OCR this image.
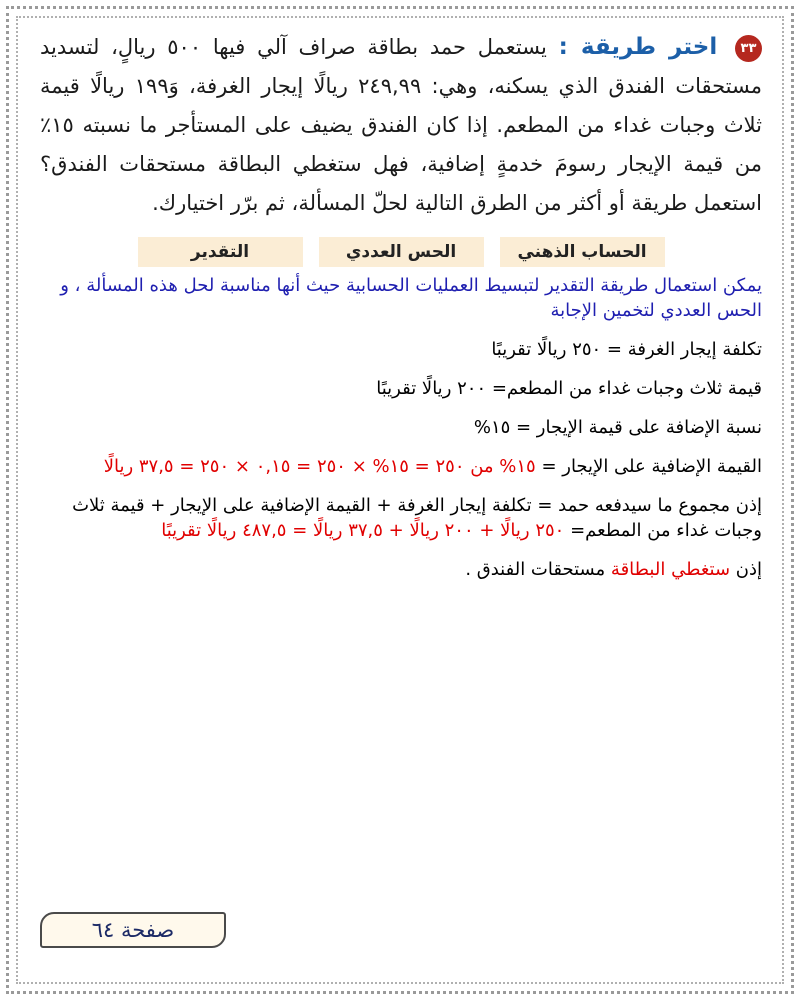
٣٣ اختر طريقة : يستعمل حمد بطاقة صراف آلي فيها ٥٠٠ ريالٍ، لتسديد مستحقات الفندق الذي يسكنه، وهي: ٢٤٩,٩٩ ريالًا إيجار الغرفة، وَ١٩٩ ريالًا قيمة ثلاث وجبات غداء من المطعم. إذا كان الفندق يضيف على المستأجر ما نسبته ١٥٪ من قيمة الإيجار رسومَ خدمةٍ إضافية، فهل ستغطي البطاقة مستحقات الفندق؟ استعمل طريقة أو أكثر من الطرق التالية لحلّ المسألة، ثم برّر اختيارك.

الحساب الذهني
الحس العددي
التقدير

يمكن استعمال طريقة التقدير لتبسيط العمليات الحسابية حيث أنها مناسبة لحل هذه المسألة ، و الحس العددي لتخمين الإجابة

تكلفة إيجار الغرفة = ٢٥٠ ريالًا تقريبًا

قيمة ثلاث وجبات غداء من المطعم= ٢٠٠ ريالًا تقريبًا

نسبة الإضافة على قيمة الإيجار = ١٥%

القيمة الإضافية على الإيجار = ١٥% من ٢٥٠ = ١٥% × ٢٥٠ = ٠,١٥ × ٢٥٠ = ٣٧,٥ ريالًا

إذن مجموع ما سيدفعه حمد = تكلفة إيجار الغرفة + القيمة الإضافية على الإيجار + قيمة ثلاث وجبات غداء من المطعم= ٢٥٠ ريالًا + ٢٠٠ ريالًا + ٣٧,٥ ريالًا = ٤٨٧,٥ ريالًا تقريبًا

إذن ستغطي البطاقة مستحقات الفندق .

صفحة ٦٤
